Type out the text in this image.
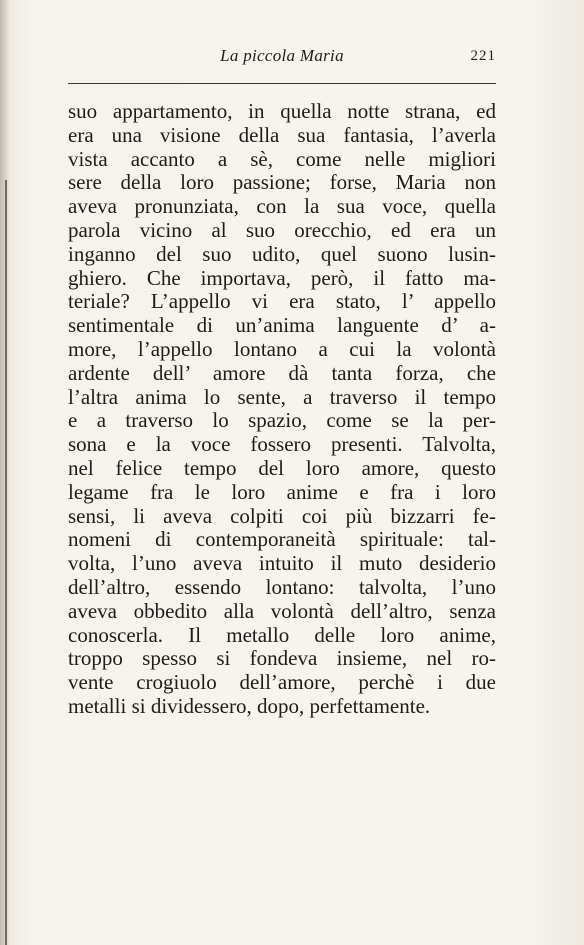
La piccola Maria	221
suo appartamento, in quella notte strana, ed
era una visione della sua fantasia, l’averla
vista accanto a sè, come nelle migliori
sere della loro passione; forse, Maria non
aveva pronunziata, con la sua voce, quella
parola vicino al suo orecchio, ed era un
inganno del suo udito, quel suono lusin-
ghiero. Che importava, però, il fatto ma-
teriale? L’appello vi era stato, l’ appello
sentimentale di un’anima languente d’ a-
more, l’appello lontano a cui la volontà
ardente dell’ amore dà tanta forza, che
l’altra anima lo sente, a traverso il tempo
e a traverso lo spazio, come se la per-
sona e la voce fossero presenti. Talvolta,
nel felice tempo del loro amore, questo
legame fra le loro anime e fra i loro
sensi, li aveva colpiti coi più bizzarri fe-
nomeni di contemporaneità spirituale: tal-
volta, l’uno aveva intuito il muto desiderio
dell’altro, essendo lontano: talvolta, l’uno
aveva obbedito alla volontà dell’altro, senza
conoscerla. Il metallo delle loro anime,
troppo spesso si fondeva insieme, nel ro-
vente crogiuolo dell’amore, perchè i due
metalli si dividessero, dopo, perfettamente.
